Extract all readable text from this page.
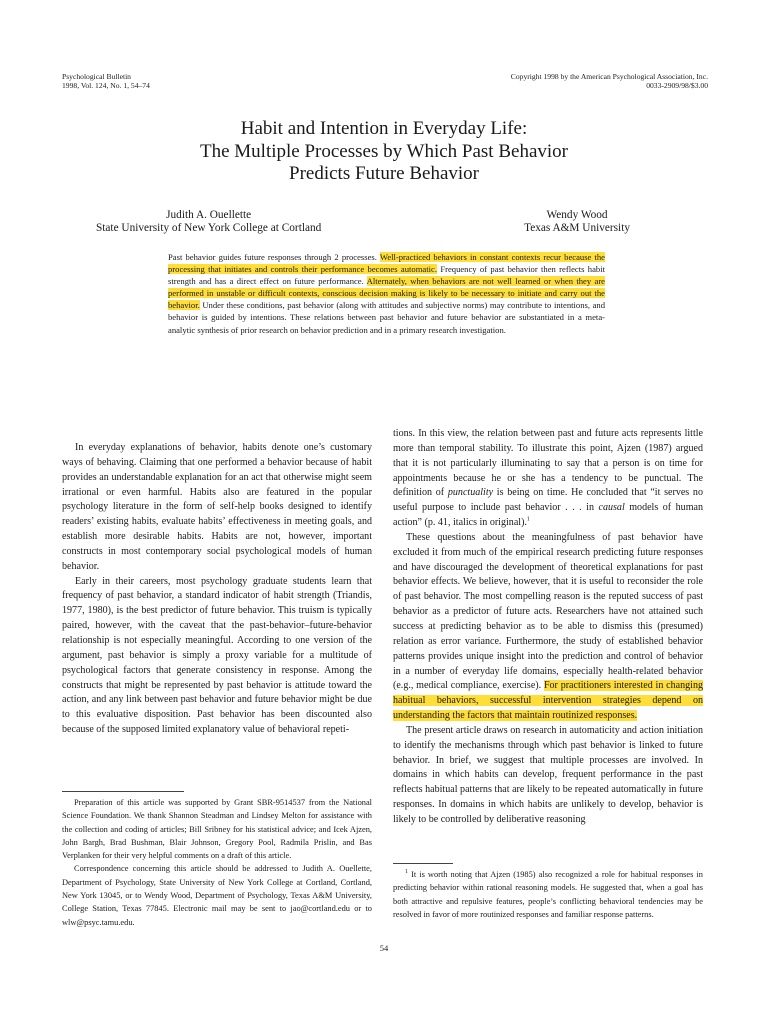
Psychological Bulletin
1998, Vol. 124, No. 1, 54–74
Copyright 1998 by the American Psychological Association, Inc.
0033-2909/98/$3.00
Habit and Intention in Everyday Life:
The Multiple Processes by Which Past Behavior
Predicts Future Behavior
Judith A. Ouellette
State University of New York College at Cortland
Wendy Wood
Texas A&M University
Past behavior guides future responses through 2 processes. Well-practiced behaviors in constant contexts recur because the processing that initiates and controls their performance becomes automatic. Frequency of past behavior then reflects habit strength and has a direct effect on future performance. Alternately, when behaviors are not well learned or when they are performed in unstable or difficult contexts, conscious decision making is likely to be necessary to initiate and carry out the behavior. Under these conditions, past behavior (along with attitudes and subjective norms) may contribute to intentions, and behavior is guided by intentions. These relations between past behavior and future behavior are substantiated in a meta-analytic synthesis of prior research on behavior prediction and in a primary research investigation.

In everyday explanations of behavior, habits denote one’s customary ways of behaving. Claiming that one performed a behavior because of habit provides an understandable explanation for an act that otherwise might seem irrational or even harmful. Habits also are featured in the popular psychology literature in the form of self-help books designed to identify readers’ existing habits, evaluate habits’ effectiveness in meeting goals, and establish more desirable habits. Habits are not, however, important constructs in most contemporary social psychological models of human behavior.

Early in their careers, most psychology graduate students learn that frequency of past behavior, a standard indicator of habit strength (Triandis, 1977, 1980), is the best predictor of future behavior. This truism is typically paired, however, with the caveat that the past-behavior–future-behavior relationship is not especially meaningful. According to one version of the argument, past behavior is simply a proxy variable for a multitude of psychological factors that generate consistency in response. Among the constructs that might be represented by past behavior is attitude toward the action, and any link between past behavior and future behavior might be due to this evaluative disposition. Past behavior has been discounted also because of the supposed limited explanatory value of behavioral repeti-

tions. In this view, the relation between past and future acts represents little more than temporal stability. To illustrate this point, Ajzen (1987) argued that it is not particularly illuminating to say that a person is on time for appointments because he or she has a tendency to be punctual. The definition of punctuality is being on time. He concluded that “it serves no useful purpose to include past behavior . . . in causal models of human action” (p. 41, italics in original).$^1$

These questions about the meaningfulness of past behavior have excluded it from much of the empirical research predicting future responses and have discouraged the development of theoretical explanations for past behavior effects. We believe, however, that it is useful to reconsider the role of past behavior. The most compelling reason is the reputed success of past behavior as a predictor of future acts. Researchers have not attained such success at predicting behavior as to be able to dismiss this (presumed) relation as error variance. Furthermore, the study of established behavior patterns provides unique insight into the prediction and control of behavior in a number of everyday life domains, especially health-related behavior (e.g., medical compliance, exercise). For practitioners interested in changing habitual behaviors, successful intervention strategies depend on understanding the factors that maintain routinized responses.

The present article draws on research in automaticity and action initiation to identify the mechanisms through which past behavior is linked to future behavior. In brief, we suggest that multiple processes are involved. In domains in which habits can develop, frequent performance in the past reflects habitual patterns that are likely to be repeated automatically in future responses. In domains in which habits are unlikely to develop, behavior is likely to be controlled by deliberative reasoning

Preparation of this article was supported by Grant SBR-9514537 from the National Science Foundation. We thank Shannon Steadman and Lindsey Melton for assistance with the collection and coding of articles; Bill Sribney for his statistical advice; and Icek Ajzen, John Bargh, Brad Bushman, Blair Johnson, Gregory Pool, Radmila Prislin, and Bas Verplanken for their very helpful comments on a draft of this article.

Correspondence concerning this article should be addressed to Judith A. Ouellette, Department of Psychology, State University of New York College at Cortland, Cortland, New York 13045, or to Wendy Wood, Department of Psychology, Texas A&M University, College Station, Texas 77845. Electronic mail may be sent to jao@cortland.edu or to wlw@psyc.tamu.edu.

$^1$ It is worth noting that Ajzen (1985) also recognized a role for habitual responses in predicting behavior within rational reasoning models. He suggested that, when a goal has both attractive and repulsive features, people’s conflicting behavioral tendencies may be resolved in favor of more routinized responses and familiar response patterns.

54
